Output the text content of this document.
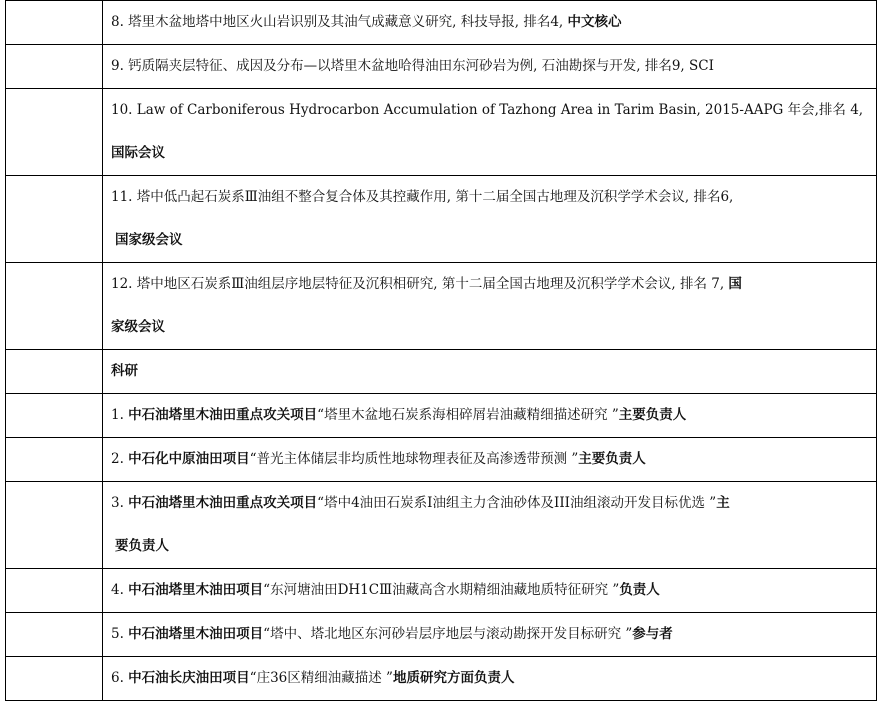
	8. 塔里木盆地塔中地区火山岩识别及其油气成藏意义研究, 科技导报, 排名4, 中文核心
	9. 钙质隔夹层特征、成因及分布—以塔里木盆地哈得油田东河砂岩为例, 石油勘探与开发, 排名9, SCI
	10. Law of Carboniferous Hydrocarbon Accumulation of Tazhong Area in Tarim Basin, 2015-AAPG 年会,排名 4,
国际会议
	11. 塔中低凸起石炭系Ⅲ油组不整合复合体及其控藏作用, 第十二届全国古地理及沉积学学术会议, 排名6,
国家级会议
	12. 塔中地区石炭系Ⅲ油组层序地层特征及沉积相研究, 第十二届全国古地理及沉积学学术会议, 排名 7, 国
家级会议
	科研
	1. 中石油塔里木油田重点攻关项目“塔里木盆地石炭系海相碎屑岩油藏精细描述研究 ”主要负责人
	2. 中石化中原油田项目“普光主体储层非均质性地球物理表征及高渗透带预测 ”主要负责人
	3. 中石油塔里木油田重点攻关项目“塔中4油田石炭系I油组主力含油砂体及III油组滚动开发目标优选 ”主
要负责人
	4. 中石油塔里木油田项目“东河塘油田DH1CⅢ油藏高含水期精细油藏地质特征研究 ”负责人
	5. 中石油塔里木油田项目“塔中、塔北地区东河砂岩层序地层与滚动勘探开发目标研究 ”参与者
	6. 中石油长庆油田项目“庄36区精细油藏描述 ”地质研究方面负责人
